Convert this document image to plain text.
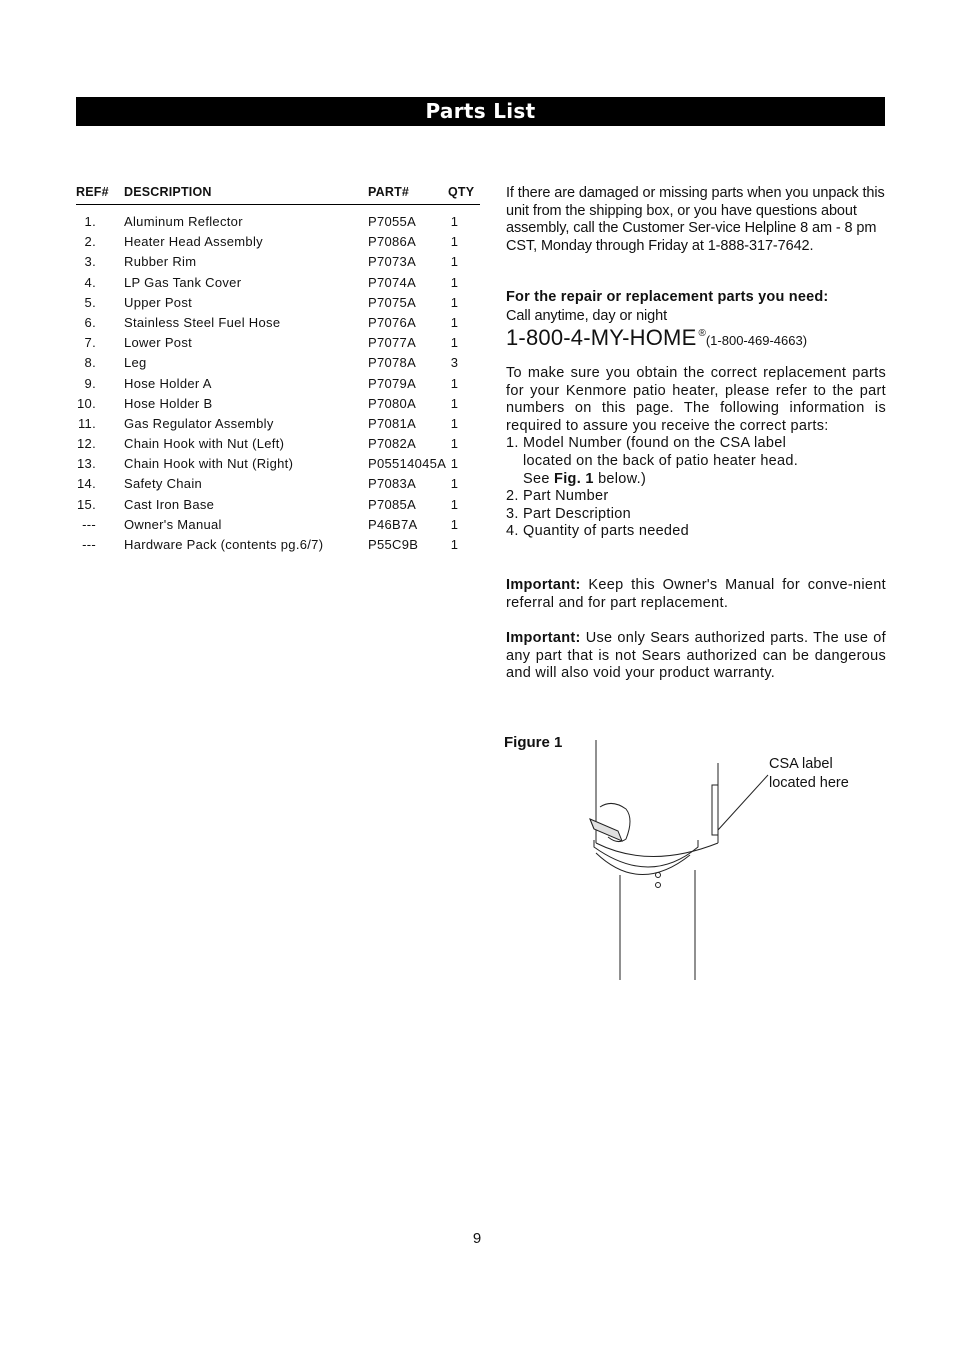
Parts List
REF# DESCRIPTION	PART#	QTY
1. Aluminum Reflector	P7055A	1
2. Heater Head Assembly	P7086A	1
3. Rubber Rim	P7073A	1
4. LP Gas Tank Cover	P7074A	1
5. Upper Post	P7075A	1
6. Stainless Steel Fuel Hose	P7076A	1
7. Lower Post	P7077A	1
8. Leg	P7078A	3
9. Hose Holder A	P7079A	1
10. Hose Holder B	P7080A	1
11. Gas Regulator Assembly	P7081A	1
12. Chain Hook with Nut (Left)	P7082A	1
13. Chain Hook with Nut (Right)	P05514045A 1
14. Safety Chain	P7083A	1
15. Cast Iron Base	P7085A	1
--- Owner's Manual	P46B7A	1
--- Hardware Pack (contents pg.6/7)	P55C9B	1
If there are damaged or missing parts when you unpack this unit from the shipping box, or you have questions about assembly, call the Customer Ser-vice Helpline 8 am - 8 pm CST, Monday through Friday at 1-888-317-7642.
For the repair or replacement parts you need:
Call anytime, day or night
1-800-4-MY-HOME ®(1-800-469-4663)
To make sure you obtain the correct replacement parts for your Kenmore patio heater, please refer to the part numbers on this page. The following information is required to assure you receive the correct parts:
1. Model Number (found on the CSA label
located on the back of patio heater head.
See Fig. 1 below.)
2. Part Number
3. Part Description
4. Quantity of parts needed
Important: Keep this Owner's Manual for conve-nient referral and for part replacement.
Important: Use only Sears authorized parts. The use of any part that is not Sears authorized can be dangerous and will also void your product warranty.
Figure 1
CSA label
located here
9
